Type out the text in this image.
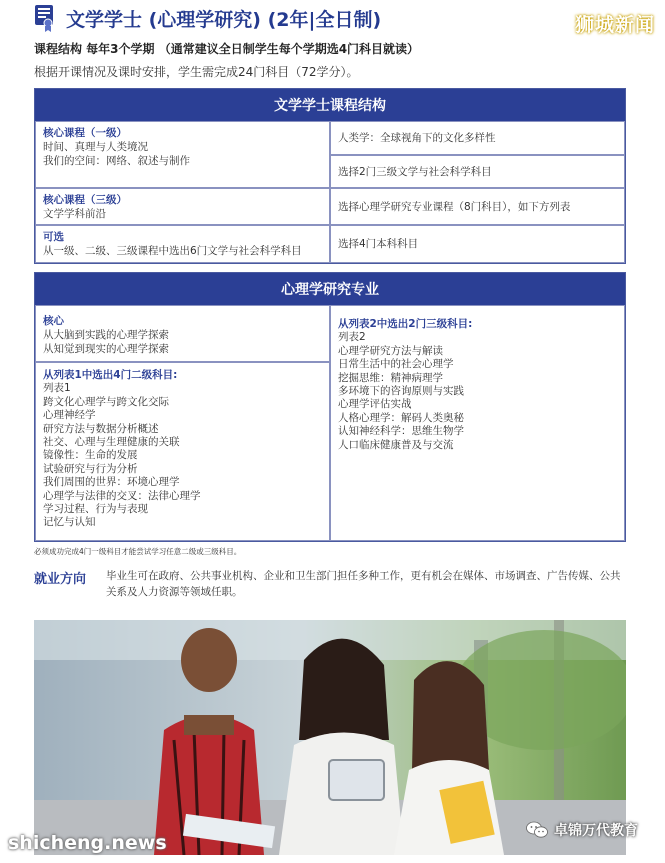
文学学士 (心理学研究) (2年|全日制)	狮城新闻
课程结构 每年3个学期 （通常建议全日制学生每个学期选4门科目就读）
根据开课情况及课时安排，学生需完成24门科目（72学分）。
文学学士课程结构
核心课程（一级）
时间、真理与人类境况
我们的空间：网络、叙述与制作
核心课程（三级）
文学学科前沿
可选
从一级、二级、三级课程中选出6门文学与社会科学科目
人类学：全球视角下的文化多样性
选择2门三级文学与社会科学科目
选择心理学研究专业课程（8门科目），如下方列表
选择4门本科科目
心理学研究专业
核心
从大脑到实践的心理学探索
从知觉到现实的心理学探索
从列表1中选出4门二级科目:
列表1
跨文化心理学与跨文化交际
心理神经学
研究方法与数据分析概述
社交、心理与生理健康的关联
镜像性：生命的发展
试验研究与行为分析
我们周围的世界：环境心理学
心理学与法律的交叉：法律心理学
学习过程、行为与表现
记忆与认知
从列表2中选出2门三级科目:
列表2
心理学研究方法与解读
日常生活中的社会心理学
挖掘思维：精神病理学
多环境下的咨询原则与实践
心理学评估实战
人格心理学：解码人类奥秘
认知神经科学：思维生物学
人口临床健康普及与交流
必须成功完成4门一级科目才能尝试学习任意二级或三级科目。
就业方向 毕业生可在政府、公共事业机构、企业和卫生部门担任多种工作，更有机会在媒体、市场调查、广告传媒、公共关系及人力资源等领域任职。
shicheng.news
卓锦万代教育
